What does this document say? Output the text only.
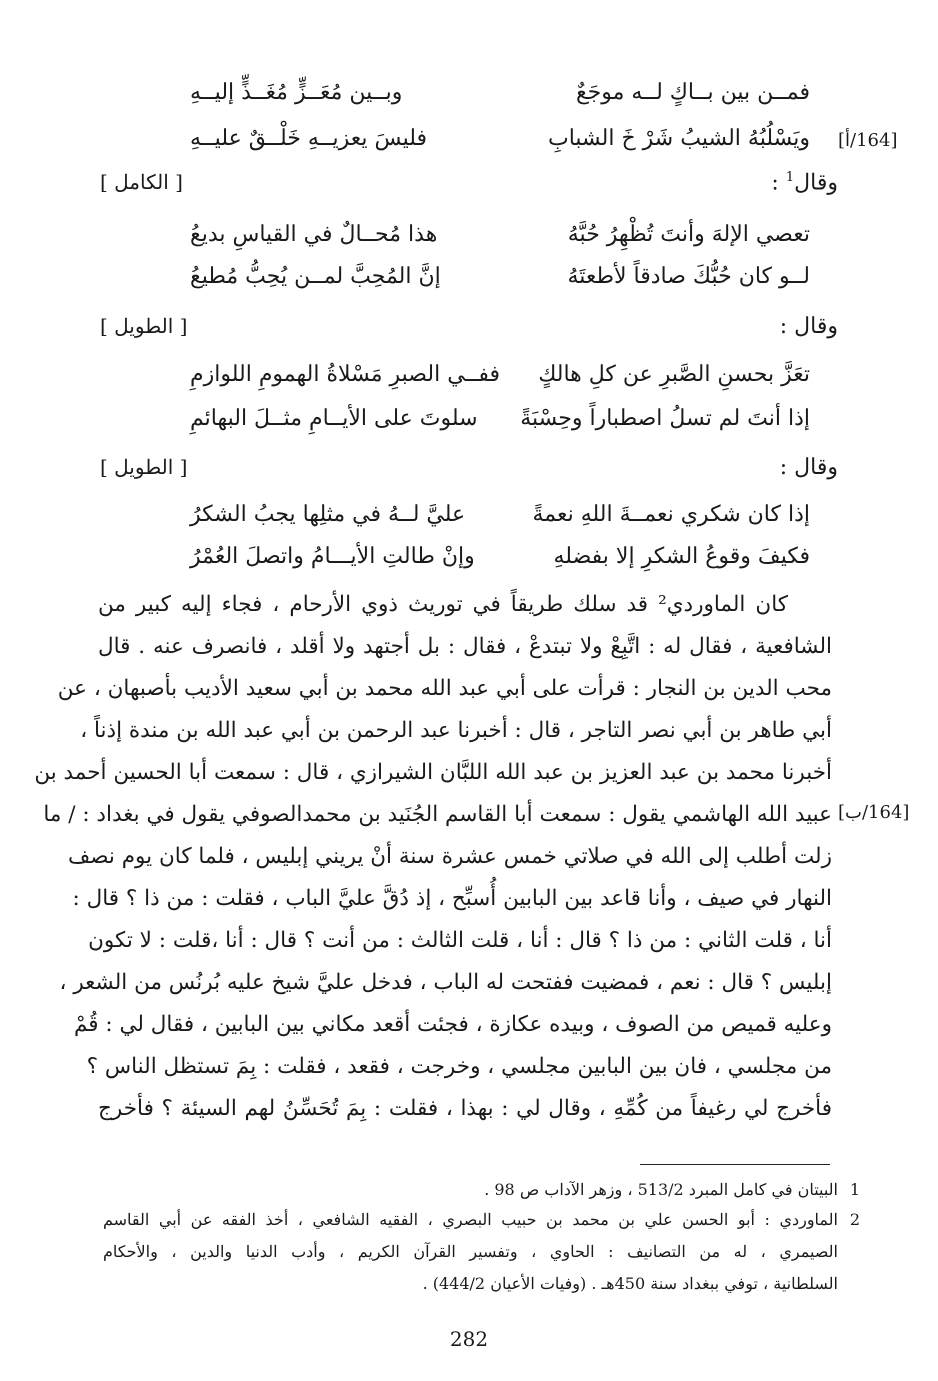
[164/أ]
فمــن بين بــاكٍ لــه موجَعٌ
وبــين مُعَــزٍّ مُغَــذٍّ إليــهِ
ويَسْلُبُهُ الشيبُ شَرْ خَ الشبابِ
فليسَ يعزيــهِ خَلْــقٌ عليــهِ
وقال$^1$ :
[ الكامل ]
تعصي الإلهَ وأنتَ تُظْهِرُ حُبَّهُ
هذا مُحــالٌ في القياسِ بديعُ
لــو كان حُبُّكَ صادقاً لأطعتَهُ
إنَّ المُحِبَّ لمــن يُحِبُّ مُطيعُ
وقال :
[ الطويل ]
تعَزَّ بحسنِ الصَّبرِ عن كلِ هالكٍ
ففــي الصبرِ مَسْلاةُ الهمومِ اللوازمِ
إذا أنتَ لم تسلُ اصطباراً وحِسْبَةً
سلوتَ على الأيــامِ مثــلَ البهائمِ
وقال :
[ الطويل ]
إذا كان شكري نعمــةَ اللهِ نعمةً
عليَّ لــهُ في مثلِها يجبُ الشكرُ
فكيفَ وقوعُ الشكرِ إلا بفضلهِ
وإنْ طالتِ الأيـــامُ واتصلَ العُمْرُ
كان الماوردي² قد سلك طريقاً في توريث ذوي الأرحام ، فجاء إليه كبير من
الشافعية ، فقال له : اتَّبِعْ ولا تبتدعْ ، فقال : بل أجتهد ولا أقلد ، فانصرف عنه . قال
محب الدين بن النجار : قرأت على أبي عبد الله محمد بن أبي سعيد الأديب بأصبهان ، عن
أبي طاهر بن أبي نصر التاجر ، قال : أخبرنا عبد الرحمن بن أبي عبد الله بن مندة إذناً ،
أخبرنا محمد بن عبد العزيز بن عبد الله اللبَّان الشيرازي ، قال : سمعت أبا الحسين أحمد بن
[164/ب]
عبيد الله الهاشمي يقول : سمعت أبا القاسم الجُنَيد بن محمدالصوفي يقول في بغداد : / ما
زلت أطلب إلى الله في صلاتي خمس عشرة سنة أنْ يريني إبليس ، فلما كان يوم نصف
النهار في صيف ، وأنا قاعد بين البابين أُسبِّح ، إذ دُقَّ عليَّ الباب ، فقلت : من ذا ؟ قال :
أنا ، قلت الثاني : من ذا ؟ قال : أنا ، قلت الثالث : من أنت ؟ قال : أنا ،قلت : لا تكون
إبليس ؟ قال : نعم ، فمضيت ففتحت له الباب ، فدخل عليَّ شيخ عليه بُرنُس من الشعر ،
وعليه قميص من الصوف ، وبيده عكازة ، فجئت أقعد مكاني بين البابين ، فقال لي : قُمْ
من مجلسي ، فان بين البابين مجلسي ، وخرجت ، فقعد ، فقلت : بِمَ تستظل الناس ؟
فأخرج لي رغيفاً من كُمِّهِ ، وقال لي : بهذا ، فقلت : بِمَ تُحَسِّنُ لهم السيئة ؟ فأخرج
1
البيتان في كامل المبرد 513/2 ، وزهر الآداب ص 98 .
2
الماوردي : أبو الحسن علي بن محمد بن حبيب البصري ، الفقيه الشافعي ، أخذ الفقه عن أبي القاسم
الصيمري ، له من التصانيف : الحاوي ، وتفسير القرآن الكريم ، وأدب الدنيا والدين ، والأحكام
السلطانية ، توفي ببغداد سنة 450هـ . (وفيات الأعيان 444/2) .
282
